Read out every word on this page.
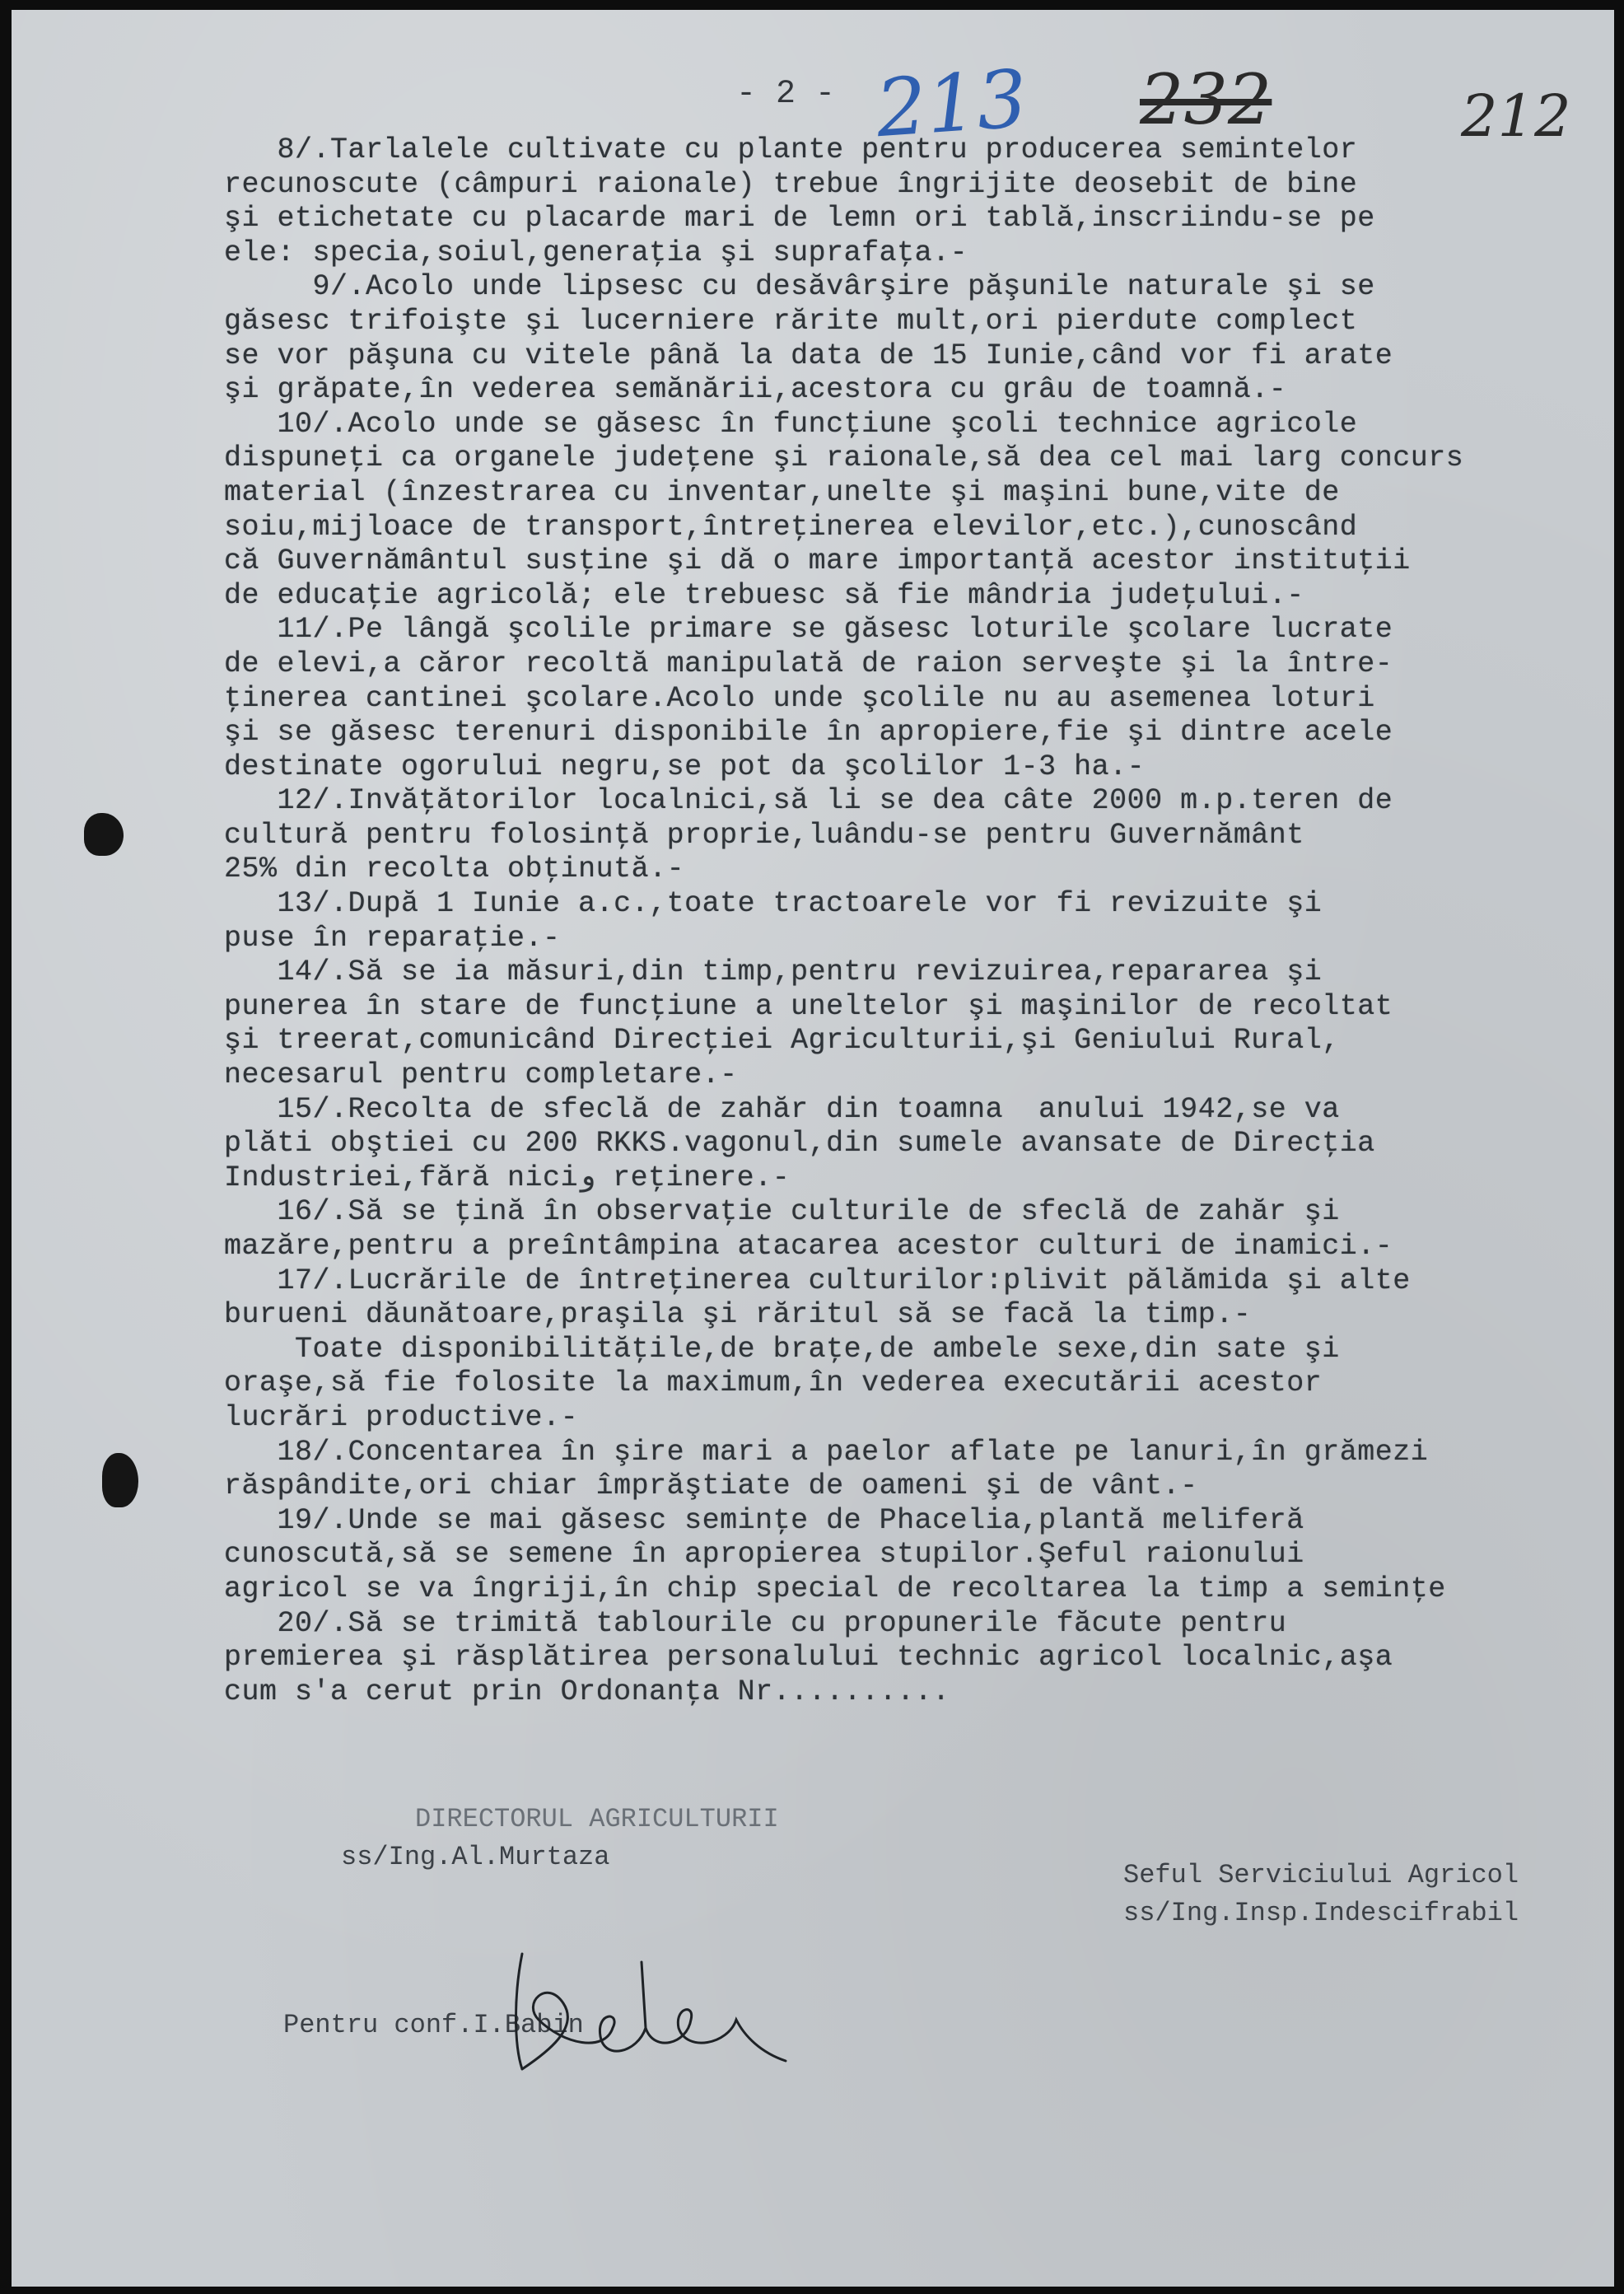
- 2 - 213 232	212
8/.Tarlalele cultivate cu plante pentru producerea semintelor
recunoscute (câmpuri raionale) trebue îngrijite deosebit de bine
şi etichetate cu placarde mari de lemn ori tablă,inscriindu-se pe
ele: specia,soiul,generaţia şi suprafaţa.-
9/.Acolo unde lipsesc cu desăvârşire păşunile naturale şi se
găsesc trifoişte şi lucerniere rărite mult,ori pierdute complect
se vor păşuna cu vitele până la data de 15 Iunie,când vor fi arate
şi grăpate,în vederea semănării,acestora cu grâu de toamnă.-
10/.Acolo unde se găsesc în funcţiune şcoli technice agricole
dispuneţi ca organele judeţene şi raionale,să dea cel mai larg concurs
material (înzestrarea cu inventar,unelte şi maşini bune,vite de
soiu,mijloace de transport,întreţinerea elevilor,etc.),cunoscând
că Guvernământul susţine şi dă o mare importanţă acestor instituţii
de educaţie agricolă; ele trebuesc să fie mândria judeţului.-
11/.Pe lângă şcolile primare se găsesc loturile şcolare lucrate
de elevi,a căror recoltă manipulată de raion serveşte şi la între-
ţinerea cantinei şcolare.Acolo unde şcolile nu au asemenea loturi
şi se găsesc terenuri disponibile în apropiere,fie şi dintre acele
destinate ogorului negru,se pot da şcolilor 1-3 ha.-
12/.Invăţătorilor localnici,să li se dea câte 2000 m.p.teren de
cultură pentru folosinţă proprie,luându-se pentru Guvernământ
25% din recolta obţinută.-
13/.După 1 Iunie a.c.,toate tractoarele vor fi revizuite şi
puse în reparaţie.-
14/.Să se ia măsuri,din timp,pentru revizuirea,repararea şi
punerea în stare de funcţiune a uneltelor şi maşinilor de recoltat
şi treerat,comunicând Direcţiei Agriculturii,şi Geniului Rural,
necesarul pentru completare.-
15/.Recolta de sfeclă de zahăr din toamna  anului 1942,se va
plăti obştiei cu 200 RKKS.vagonul,din sumele avansate de Direcţia
Industriei,fără niciو reţinere.-
16/.Să se ţină în observaţie culturile de sfeclă de zahăr şi
mazăre,pentru a preîntâmpina atacarea acestor culturi de inamici.-
17/.Lucrările de întreţinerea culturilor:plivit pălămida şi alte
burueni dăunătoare,praşila şi răritul să se facă la timp.-
Toate disponibilităţile,de braţe,de ambele sexe,din sate şi
oraşe,să fie folosite la maximum,în vederea executării acestor
lucrări productive.-
18/.Concentarea în şire mari a paelor aflate pe lanuri,în grămezi
răspândite,ori chiar împrăştiate de oameni şi de vânt.-
19/.Unde se mai găsesc seminţe de Phacelia,plantă meliferă
cunoscută,să se semene în apropierea stupilor.Şeful raionului
agricol se va îngriji,în chip special de recoltarea la timp a seminţe
20/.Să se trimită tablourile cu propunerile făcute pentru
premierea şi răsplătirea personalului technic agricol localnic,aşa
cum s'a cerut prin Ordonanţa Nr..........
DIRECTORUL AGRICULTURII
ss/Ing.Al.Murtaza
Seful Serviciului Agricol
ss/Ing.Insp.Indescifrabil
Pentru conf.I.Babin
